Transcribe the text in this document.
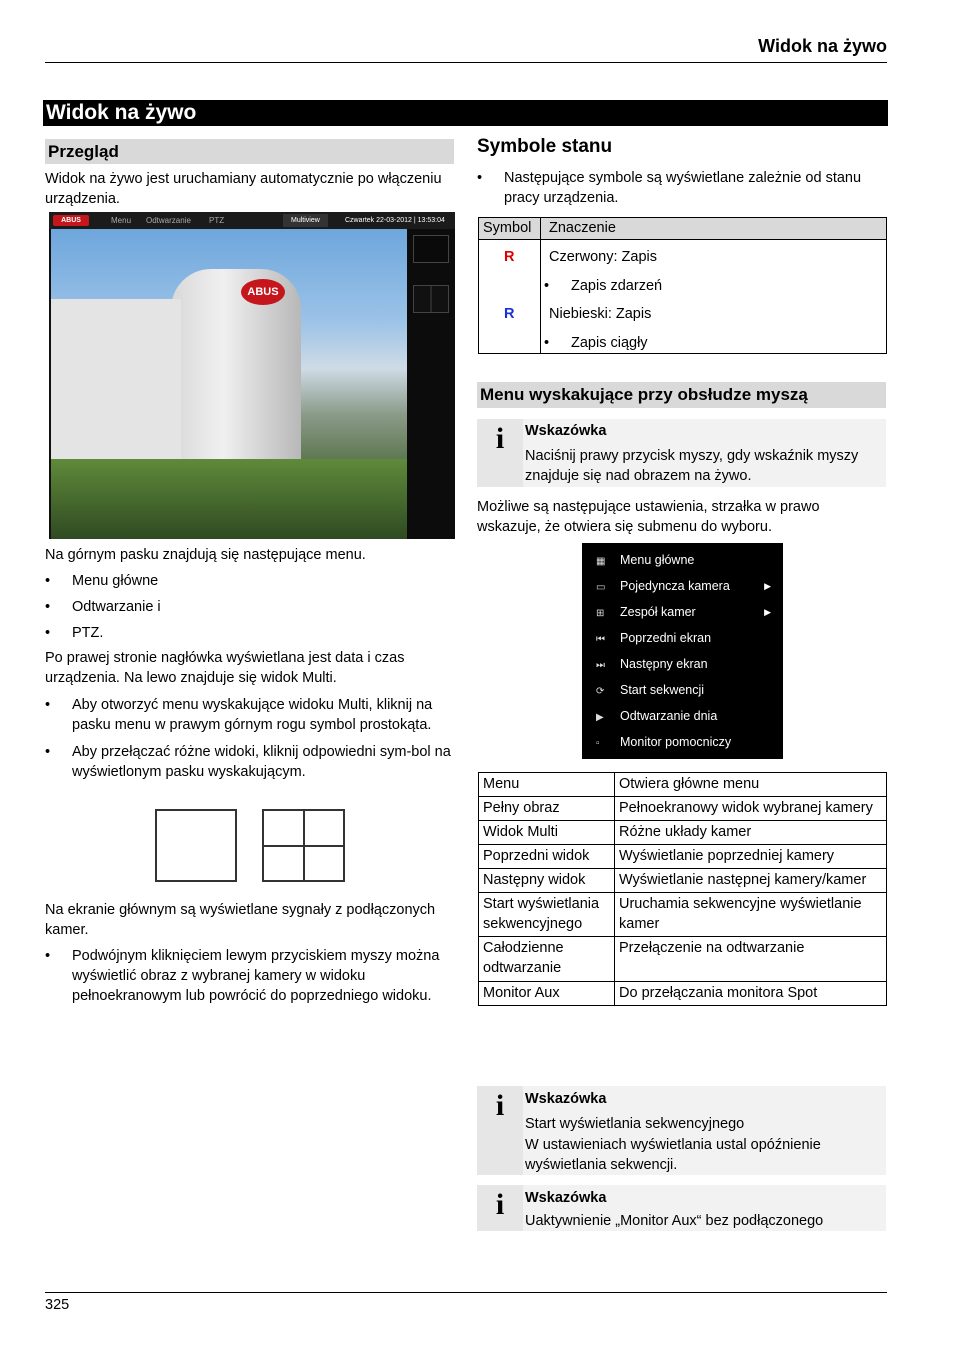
Widok na żywo
Widok na żywo
Przegląd
Widok na żywo jest uruchamiany automatycznie po włączeniu urządzenia.
ABUS	Menu Odtwarzanie PTZ	Multiview	Czwartek 22-03-2012 | 13:53:04
ABUS
Na górnym pasku znajdują się następujące menu.
• Menu główne
• Odtwarzanie i
• PTZ.
Po prawej stronie nagłówka wyświetlana jest data i czas urządzenia. Na lewo znajduje się widok Multi.
• Aby otworzyć menu wyskakujące widoku Multi, kliknij na pasku menu w prawym górnym rogu symbol prostokąta.
• Aby przełączać różne widoki, kliknij odpowiedni sym-bol na wyświetlonym pasku wyskakującym.
Na ekranie głównym są wyświetlane sygnały z podłączonych kamer.
• Podwójnym kliknięciem lewym przyciskiem myszy można wyświetlić obraz z wybranej kamery w widoku pełnoekranowym lub powrócić do poprzedniego widoku.
Symbole stanu
• Następujące symbole są wyświetlane zależnie od stanu pracy urządzenia.
Symbol Znaczenie
R Czerwony: Zapis
• Zapis zdarzeń
R Niebieski: Zapis
• Zapis ciągły
Menu wyskakujące przy obsłudze myszą
i	Wskazówka
Naciśnij prawy przycisk myszy, gdy wskaźnik myszy znajduje się nad obrazem na żywo.
Możliwe są następujące ustawienia, strzałka w prawo wskazuje, że otwiera się submenu do wyboru.
▦ Menu główne
▭ Pojedyncza kamera	▶
⊞ Zespół kamer	▶
⏮ Poprzedni ekran
⏭ Następny ekran
⟳ Start sekwencji
▶ Odtwarzanie dnia
▫ Monitor pomocniczy
Menu	Otwiera główne menu
Pełny obraz	Pełnoekranowy widok wybranej kamery
Widok Multi	Różne układy kamer
Poprzedni widok	Wyświetlanie poprzedniej kamery
Następny widok	Wyświetlanie następnej kamery/kamer
Start wyświetlania sekwencyjnego	Uruchamia sekwencyjne wyświetlanie kamer
Całodzienne odtwarzanie	Przełączenie na odtwarzanie
Monitor Aux	Do przełączania monitora Spot
i	Wskazówka
Start wyświetlania sekwencyjnego
W ustawieniach wyświetlania ustal opóźnienie wyświetlania sekwencji.
i	Wskazówka
Uaktywnienie „Monitor Aux“ bez podłączonego
325
